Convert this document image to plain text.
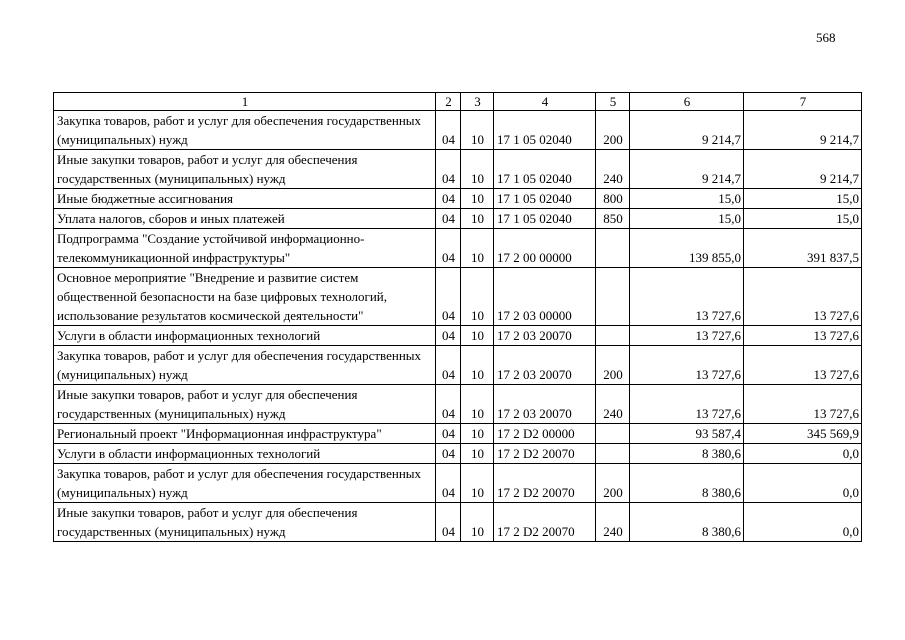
568
1	2	3	4	5	6	7
Закупка товаров, работ и услуг для обеспечения государственных (муниципальных) нужд	04	10	17 1 05 02040	200	9 214,7	9 214,7
Иные закупки товаров, работ и услуг для обеспечения государственных (муниципальных) нужд	04	10	17 1 05 02040	240	9 214,7	9 214,7
Иные бюджетные ассигнования	04	10	17 1 05 02040	800	15,0	15,0
Уплата налогов, сборов и иных платежей	04	10	17 1 05 02040	850	15,0	15,0
Подпрограмма "Создание устойчивой информационно-телекоммуникационной инфраструктуры"	04	10	17 2 00 00000		139 855,0	391 837,5
Основное мероприятие "Внедрение и развитие систем общественной безопасности на базе цифровых технологий, использование результатов космической деятельности"	04	10	17 2 03 00000		13 727,6	13 727,6
Услуги в области информационных технологий	04	10	17 2 03 20070		13 727,6	13 727,6
Закупка товаров, работ и услуг для обеспечения государственных (муниципальных) нужд	04	10	17 2 03 20070	200	13 727,6	13 727,6
Иные закупки товаров, работ и услуг для обеспечения государственных (муниципальных) нужд	04	10	17 2 03 20070	240	13 727,6	13 727,6
Региональный проект "Информационная инфраструктура"	04	10	17 2 D2 00000		93 587,4	345 569,9
Услуги в области информационных технологий	04	10	17 2 D2 20070		8 380,6	0,0
Закупка товаров, работ и услуг для обеспечения государственных (муниципальных) нужд	04	10	17 2 D2 20070	200	8 380,6	0,0
Иные закупки товаров, работ и услуг для обеспечения государственных (муниципальных) нужд	04	10	17 2 D2 20070	240	8 380,6	0,0
